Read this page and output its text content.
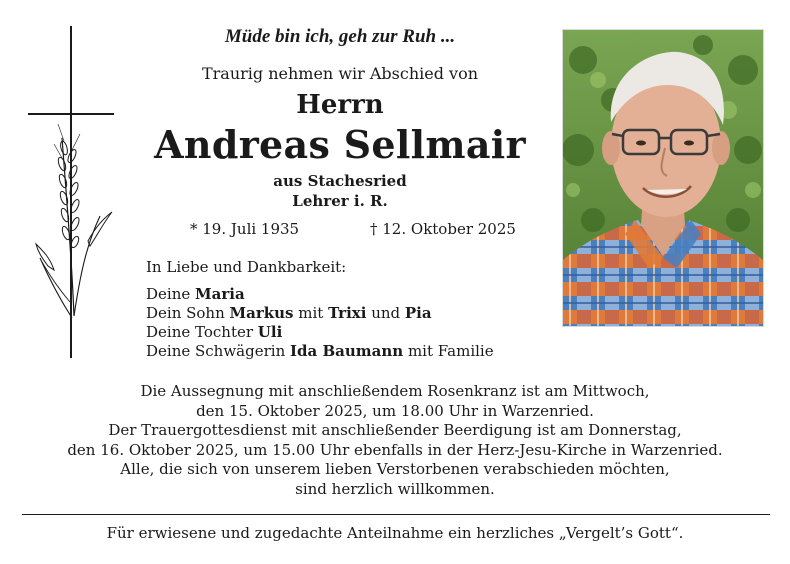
Müde bin ich, geh zur Ruh ...
Traurig nehmen wir Abschied von
Herrn
Andreas Sellmair
aus Stachesried
Lehrer i. R.
* 19. Juli 1935	† 12. Oktober 2025
In Liebe und Dankbarkeit:
Deine Maria
Dein Sohn Markus mit Trixi und Pia
Deine Tochter Uli
Deine Schwägerin Ida Baumann mit Familie
Die Aussegnung mit anschließendem Rosenkranz ist am Mittwoch,
den 15. Oktober 2025, um 18.00 Uhr in Warzenried.
Der Trauergottesdienst mit anschließender Beerdigung ist am Donnerstag,
den 16. Oktober 2025, um 15.00 Uhr ebenfalls in der Herz-Jesu-Kirche in Warzenried.
Alle, die sich von unserem lieben Verstorbenen verabschieden möchten,
sind herzlich willkommen.
Für erwiesene und zugedachte Anteilnahme ein herzliches „Vergelt’s Gott“.
